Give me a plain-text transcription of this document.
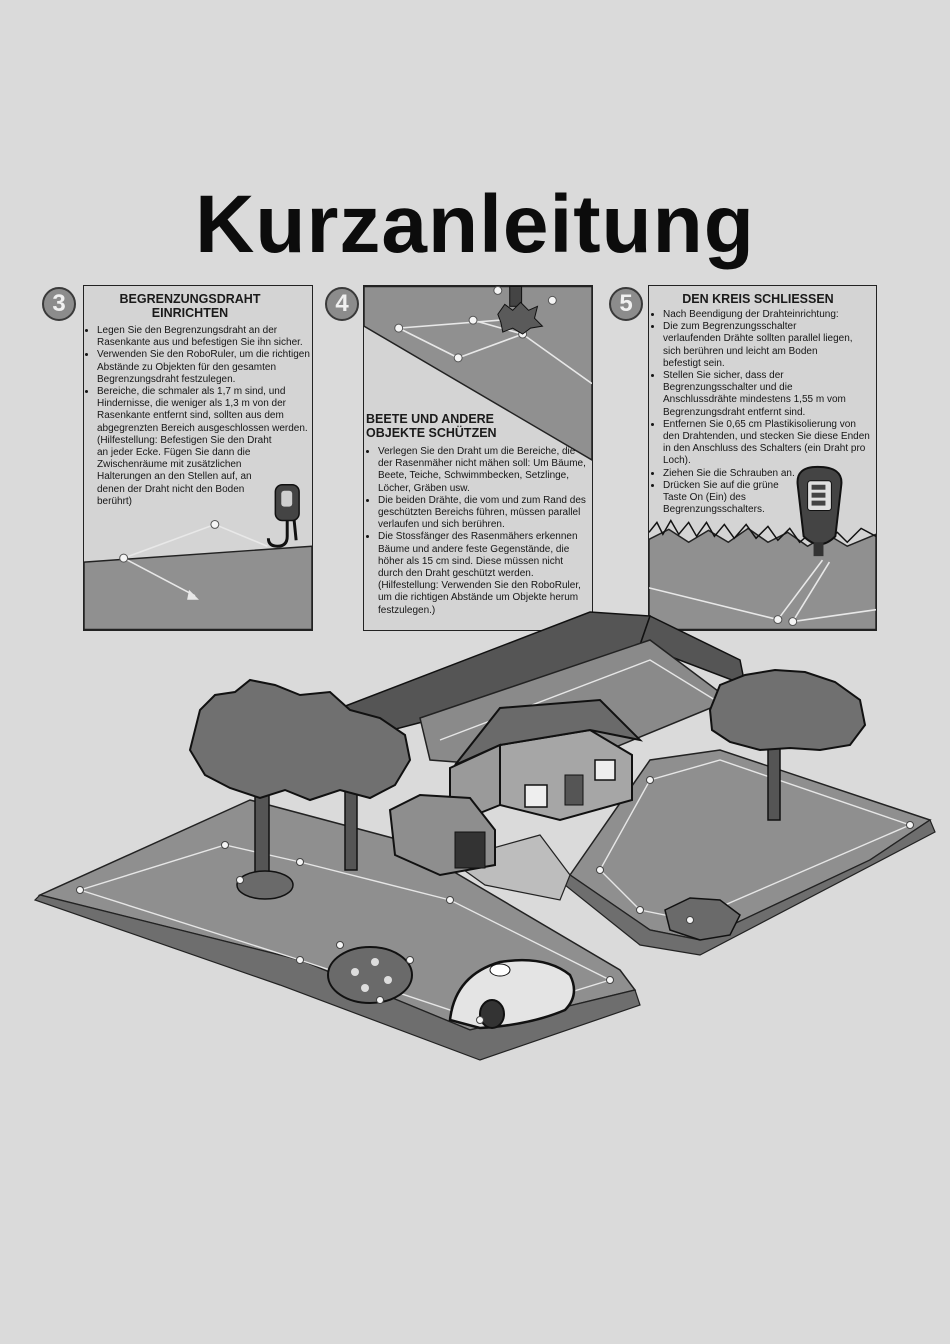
Kurzanleitung
3	BEGRENZUNGSDRAHT
EINRICHTEN
• Legen Sie den Begrenzungsdraht an der Rasenkante aus und befestigen Sie ihn sicher.
• Verwenden Sie den RoboRuler, um die richtigen Abstände zu Objekten für den gesamten Begrenzungsdraht festzulegen.
• Bereiche, die schmaler als 1,7 m sind, und Hindernisse, die weniger als 1,3 m von der Rasenkante entfernt sind, sollten aus dem abgegrenzten Bereich ausgeschlossen werden.
(Hilfestellung: Befestigen Sie den Draht an jeder Ecke. Fügen Sie dann die Zwischenräume mit zusätzlichen Halterungen an den Stellen auf, an denen der Draht nicht den Boden berührt)
4
BEETE UND ANDERE
OBJEKTE SCHÜTZEN
• Verlegen Sie den Draht um die Bereiche, die der Rasenmäher nicht mähen soll: Um Bäume, Beete, Teiche, Schwimmbecken, Setzlinge, Löcher, Gräben usw.
• Die beiden Drähte, die vom und zum Rand des geschützten Bereichs führen, müssen parallel verlaufen und sich berühren.
• Die Stossfänger des Rasenmähers erkennen Bäume und andere feste Gegenstände, die höher als 15 cm sind. Diese müssen nicht durch den Draht geschützt werden.
(Hilfestellung: Verwenden Sie den RoboRuler, um die richtigen Abstände um Objekte herum festzulegen.)
5	DEN KREIS SCHLIESSEN
• Nach Beendigung der Drahteinrichtung:
• Die zum Begrenzungsschalter verlaufenden Drähte sollten parallel liegen, sich berühren und leicht am Boden befestigt sein.
• Stellen Sie sicher, dass der Begrenzungsschalter und die Anschlussdrähte mindestens 1,55 m vom Begrenzungsdraht entfernt sind.
• Entfernen Sie 0,65 cm Plastikisolierung von den Drahtenden, und stecken Sie diese Enden in den Anschluss des Schalters (ein Draht pro Loch).
• Ziehen Sie die Schrauben an.
• Drücken Sie auf die grüne Taste On (Ein) des Begrenzungsschalters.
